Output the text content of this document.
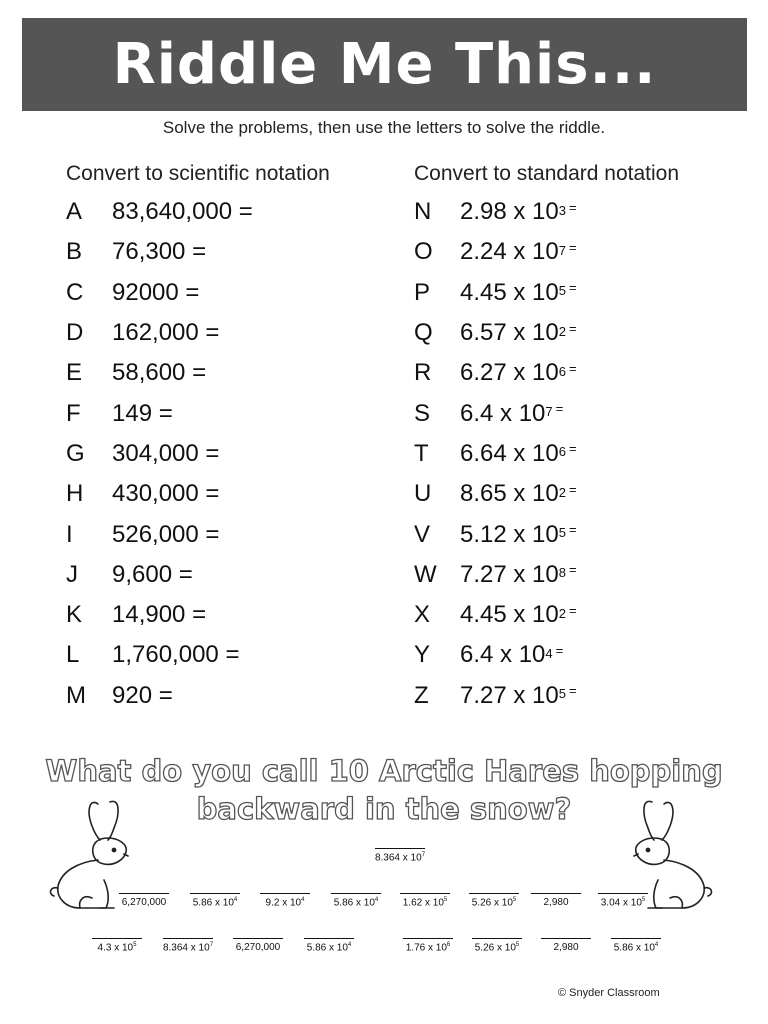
Riddle Me This...
Solve the problems, then use the letters to solve the riddle.
Convert to scientific notation
A	83,640,000 =
B	76,300 =
C	92000 =
D	162,000 =
E	58,600 =
F	149 =
G	304,000 =
H	430,000 =
I	526,000 =
J	9,600 =
K	14,900 =
L	1,760,000 =
M	920 =
Convert to standard notation
N	2.98 x $10^3$ =
O	2.24 x $10^7$ =
P	4.45 x $10^5$ =
Q	6.57 x $10^2$ =
R	6.27 x $10^6$ =
S	6.4 x $10^7$ =
T	6.64 x $10^6$ =
U	8.65 x $10^2$ =
V	5.12 x $10^5$ =
W 7.27 x $10^8$ =
X	4.45 x $10^2$ =
Y	6.4 x $10^4$ =
Z	7.27 x $10^5$ =
What do you call 10 Arctic Hares hopping
backward in the snow?
8.364 x $10^7$
6,270,000	5.86 x $10^4$	9.2 x $10^4$	5.86 x $10^4$	1.62 x $10^5$	5.26 x $10^5$	2,980	3.04 x $10^5$
4.3 x $10^5$	8.364 x $10^7$	6,270,000	5.86 x $10^4$	1.76 x $10^6$	5.26 x $10^5$	2,980	5.86 x $10^4$
© Snyder Classroom
